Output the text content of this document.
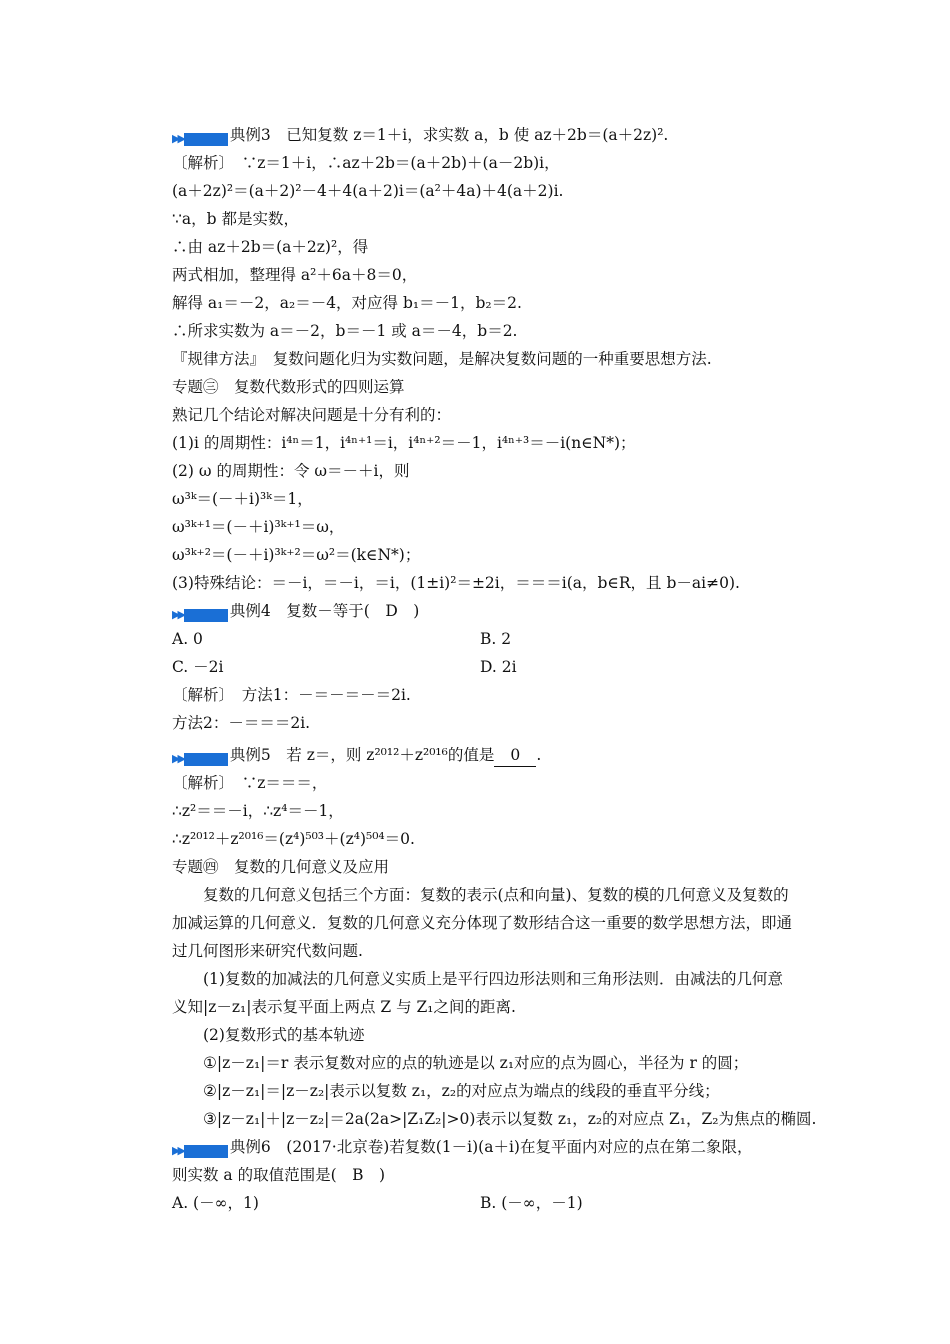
▶▶	典例3　已知复数 z＝1＋i，求实数 a，b 使 az＋2b＝(a＋2z)².
〔解析〕　∵z＝1＋i，∴az＋2b＝(a＋2b)＋(a－2b)i，
(a＋2z)²＝(a＋2)²－4＋4(a＋2)i＝(a²＋4a)＋4(a＋2)i.
∵a，b 都是实数，
∴由 az＋2b＝(a＋2z)²，得
两式相加，整理得 a²＋6a＋8＝0，
解得 a₁＝－2，a₂＝－4，对应得 b₁＝－1，b₂＝2.
∴所求实数为 a＝－2，b＝－1 或 a＝－4，b＝2.
『规律方法』　复数问题化归为实数问题，是解决复数问题的一种重要思想方法.
专题㊂　复数代数形式的四则运算
熟记几个结论对解决问题是十分有利的：
(1)i 的周期性：i⁴ⁿ＝1，i⁴ⁿ⁺¹＝i，i⁴ⁿ⁺²＝－1，i⁴ⁿ⁺³＝－i(n∈N*)；
(2) ω 的周期性：令 ω＝－＋i，则
ω³ᵏ＝(－＋i)³ᵏ＝1，
ω³ᵏ⁺¹＝(－＋i)³ᵏ⁺¹＝ω，
ω³ᵏ⁺²＝(－＋i)³ᵏ⁺²＝ω²＝(k∈N*)；
(3)特殊结论：＝－i，＝－i，＝i，(1±i)²＝±2i，＝＝＝i(a，b∈R，且 b－ai≠0).
▶▶	典例4　复数－等于(　D　)
A. 0	B. 2
C. －2i	D. 2i
〔解析〕　方法1：－＝－＝－＝2i.
方法2：－＝＝＝2i.
▶▶	典例5　若 z＝，则 z²⁰¹²＋z²⁰¹⁶的值是 0 .
〔解析〕　∵z＝＝＝，
∴z²＝＝－i，∴z⁴＝－1，
∴z²⁰¹²＋z²⁰¹⁶＝(z⁴)⁵⁰³＋(z⁴)⁵⁰⁴＝0.
专题㊃　复数的几何意义及应用
复数的几何意义包括三个方面：复数的表示(点和向量)、复数的模的几何意义及复数的
加减运算的几何意义．复数的几何意义充分体现了数形结合这一重要的数学思想方法，即通
过几何图形来研究代数问题.
(1)复数的加减法的几何意义实质上是平行四边形法则和三角形法则．由减法的几何意
义知|z－z₁|表示复平面上两点 Z 与 Z₁之间的距离.
(2)复数形式的基本轨迹
①|z－z₁|＝r 表示复数对应的点的轨迹是以 z₁对应的点为圆心，半径为 r 的圆；
②|z－z₁|＝|z－z₂|表示以复数 z₁，z₂的对应点为端点的线段的垂直平分线；
③|z－z₁|＋|z－z₂|＝2a(2a>|Z₁Z₂|>0)表示以复数 z₁，z₂的对应点 Z₁，Z₂为焦点的椭圆.
▶▶	典例6　(2017·北京卷)若复数(1－i)(a＋i)在复平面内对应的点在第二象限，
则实数 a 的取值范围是(　B　)
A. (－∞，1)	B. (－∞，－1)
